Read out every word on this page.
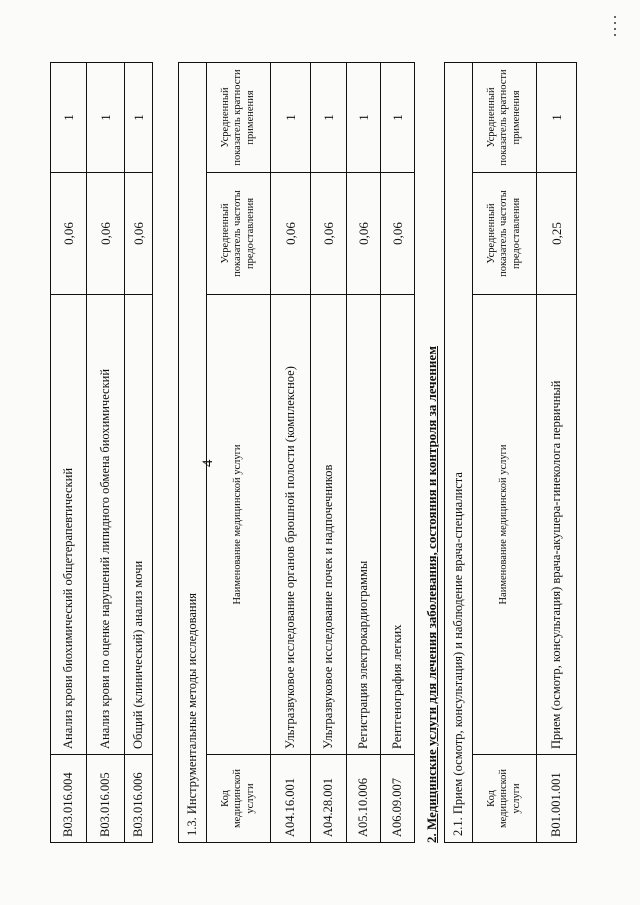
4
B03.016.004	Анализ крови биохимический общетерапевтический	0,06	1
B03.016.005	Анализ крови по оценке нарушений липидного обмена биохимический	0,06	1
B03.016.006	Общий (клинический) анализ мочи	0,06	1
1.3. Инструментальные методы исследования			
Код медицинской услуги	Наименование медицинской услуги	Усредненный показатель частоты предоставления	Усредненный показатель кратности применения
A04.16.001	Ультразвуковое исследование органов брюшной полости (комплексное)	0,06	1
A04.28.001	Ультразвуковое исследование почек и надпочечников	0,06	1
A05.10.006	Регистрация электрокардиограммы	0,06	1
A06.09.007	Рентгенография легких	0,06	1
2. Медицинские услуги для лечения заболевания, состояния и контроля за лечением 2.1. Прием (осмотр, консультация) и наблюдение врача-специалиста			
Код медицинской услуги	Наименование медицинской услуги	Усредненный показатель частоты предоставления	Усредненный показатель кратности применения
B01.001.001	Прием (осмотр, консультация) врача-акушера-гинеколога первичный	0,25	1
